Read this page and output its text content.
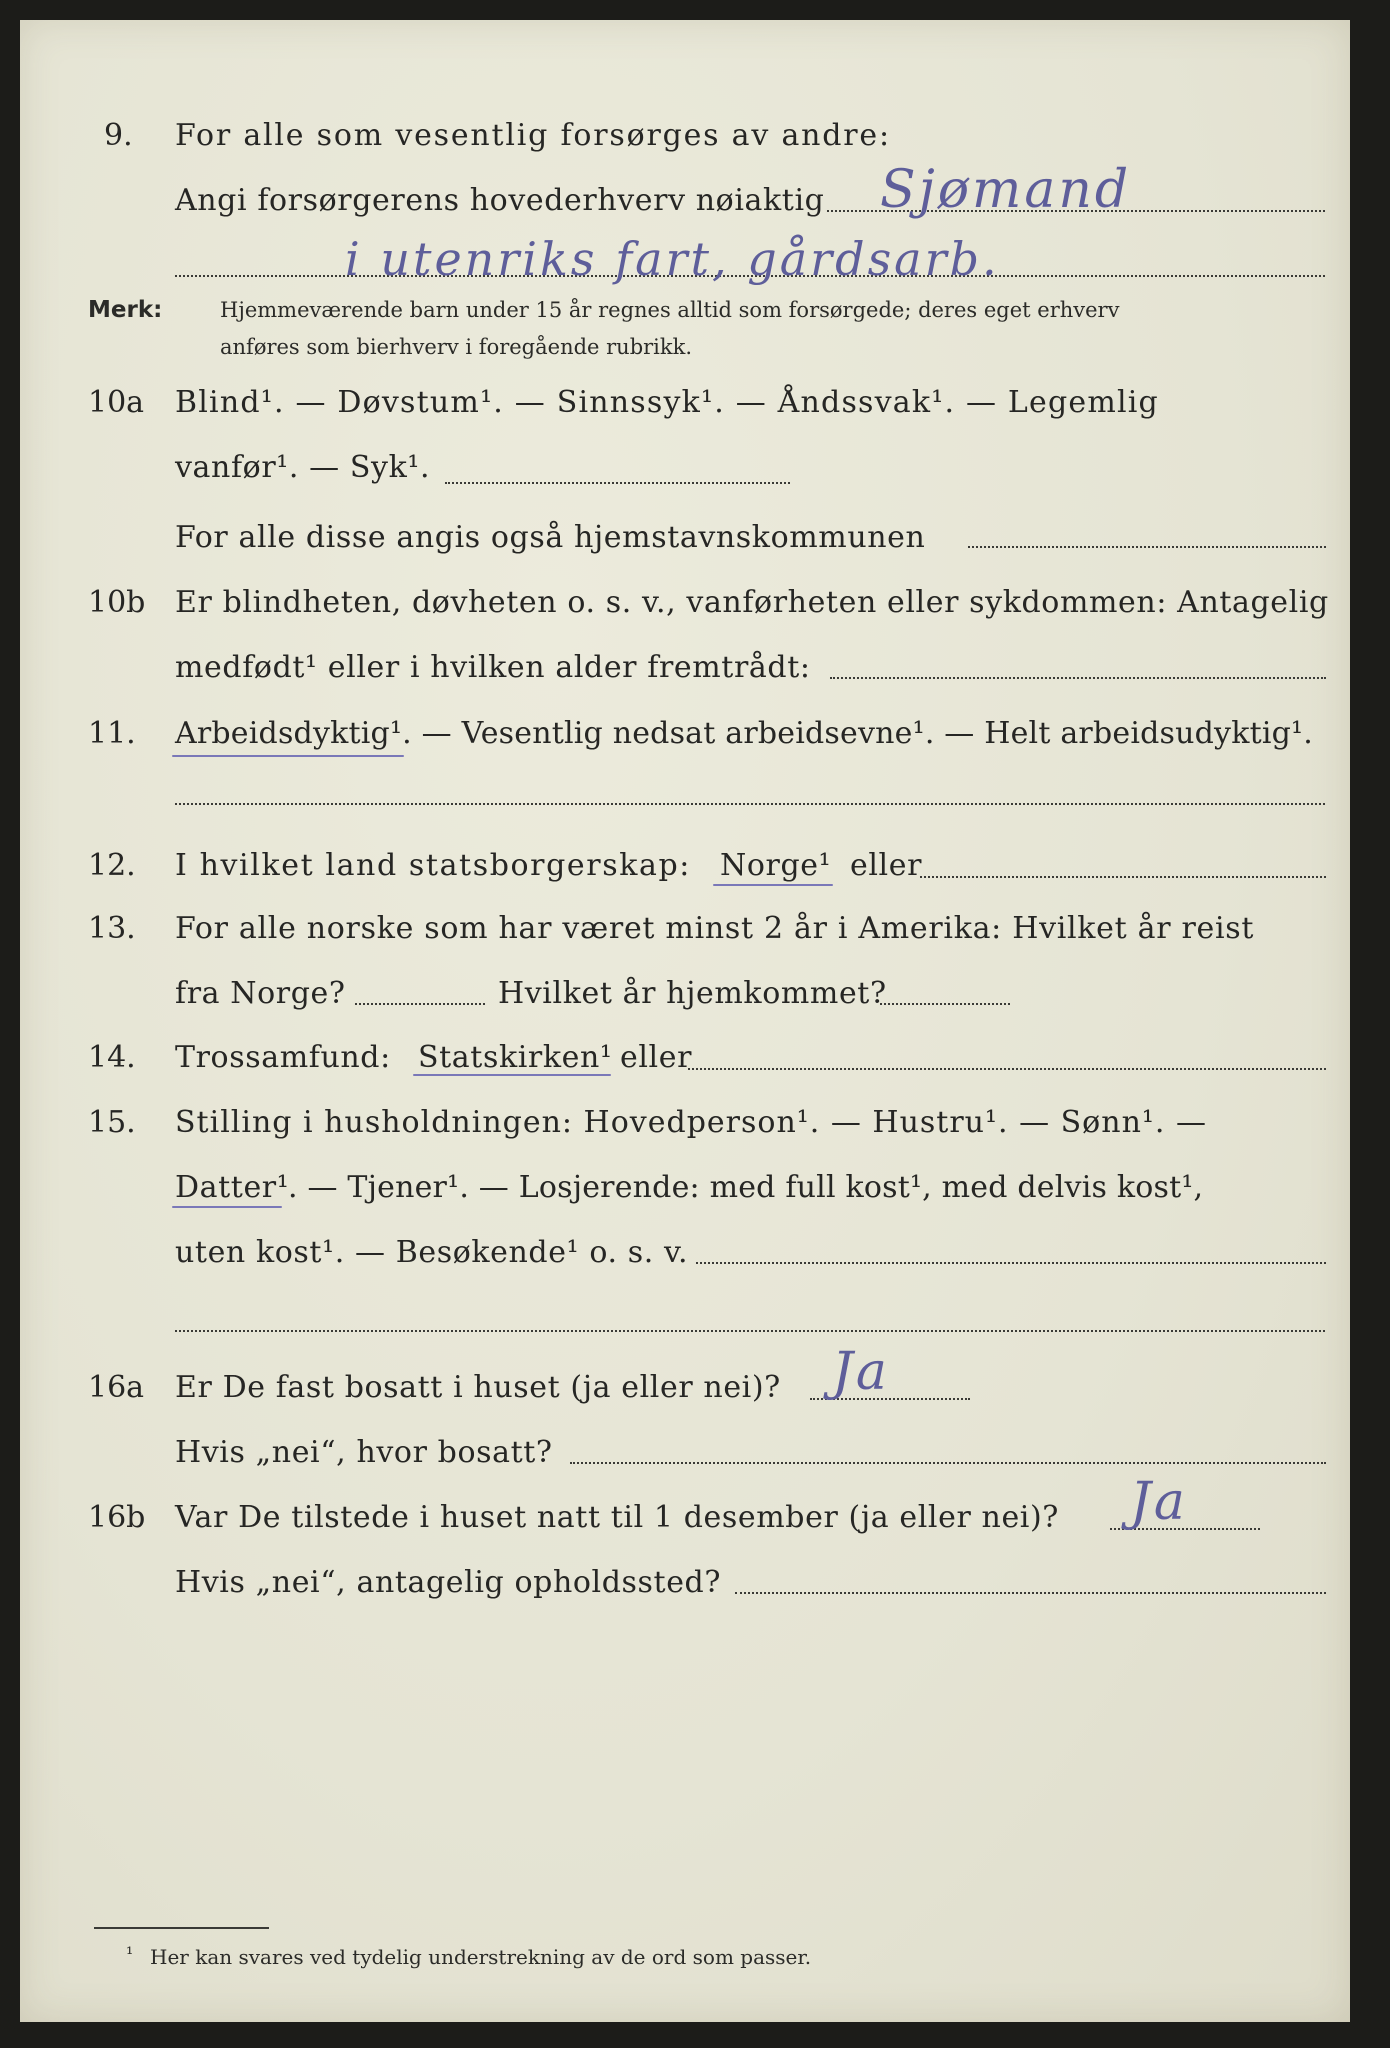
9. For alle som vesentlig forsørges av andre:
Angi forsørgerens hovederhverv nøiaktig Sjømand
i utenriks fart, gårdsarb.
Merk:	Hjemmeværende barn under 15 år regnes alltid som forsørgede; deres eget erhverv
anføres som bierhverv i foregående rubrikk.
10a Blind¹. — Døvstum¹. — Sinnssyk¹. — Åndssvak¹. — Legemlig
vanfør¹. — Syk¹.
For alle disse angis også hjemstavnskommunen
10b Er blindheten, døvheten o. s. v., vanførheten eller sykdommen: Antagelig
medfødt¹ eller i hvilken alder fremtrådt:
11. Arbeidsdyktig¹. — Vesentlig nedsat arbeidsevne¹. — Helt arbeidsudyktig¹.
12. I hvilket land statsborgerskap: Norge¹ eller
13. For alle norske som har været minst 2 år i Amerika: Hvilket år reist
fra Norge?	Hvilket år hjemkommet?
14. Trossamfund: Statskirken¹ eller
15. Stilling i husholdningen: Hovedperson¹. — Hustru¹. — Sønn¹. —
Datter¹
. — Tjener¹. — Losjerende: med full kost¹, med delvis kost¹,
uten kost¹. — Besøkende¹ o. s. v.
16a Er De fast bosatt i huset (ja eller nei)? Ja
Hvis „nei“, hvor bosatt?
16b Var De tilstede i huset natt til 1 desember (ja eller nei)? Ja
Hvis „nei“, antagelig opholdssted?
¹ Her kan svares ved tydelig understrekning av de ord som passer.
